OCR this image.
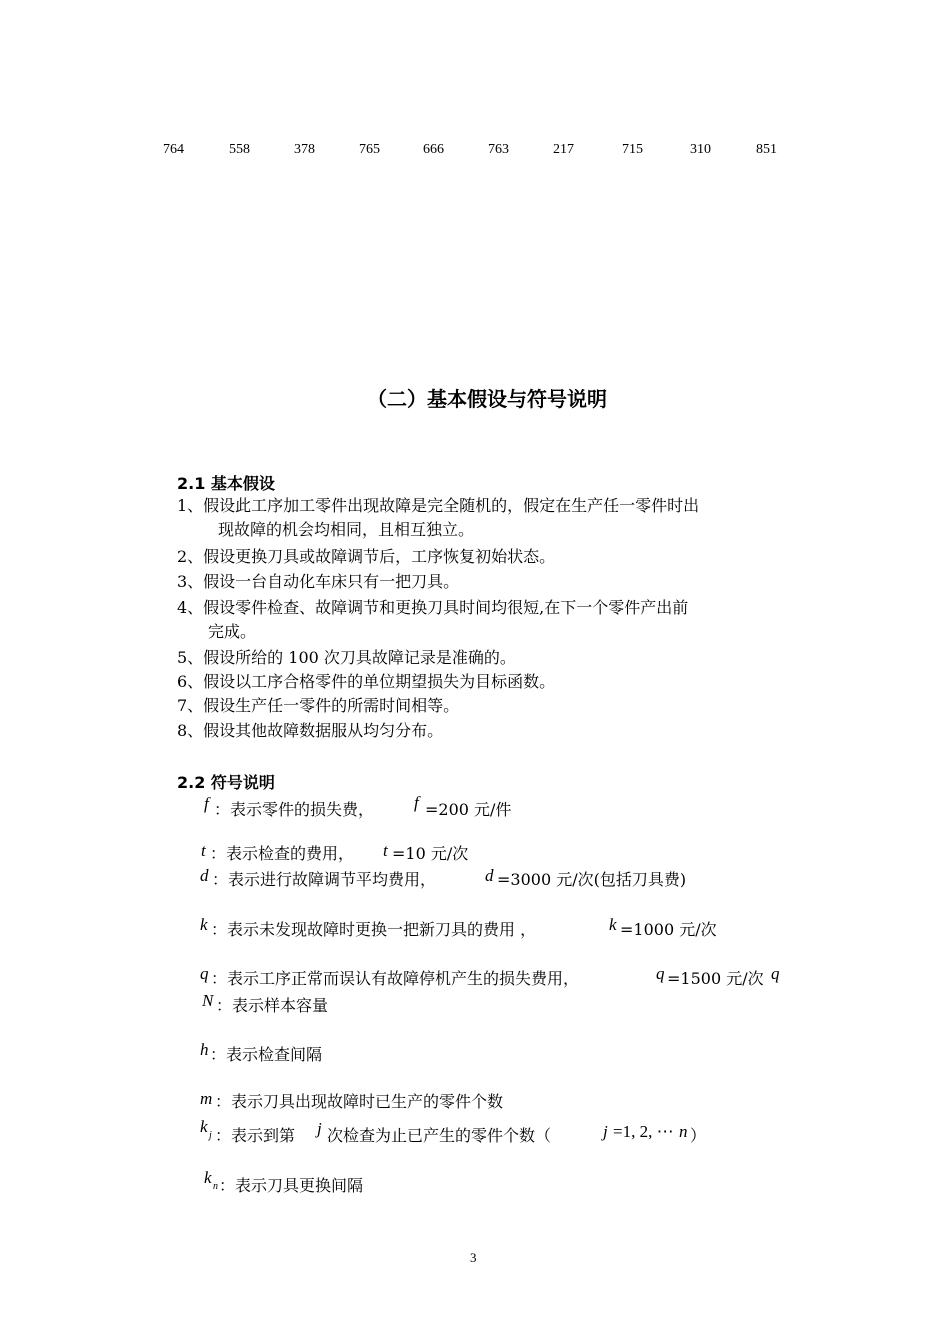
764	558	378	765	666	763	217	715	310	851
（二）基本假设与符号说明
2.1 基本假设
1、假设此工序加工零件出现故障是完全随机的，假定在生产任一零件时出
现故障的机会均相同，且相互独立。
2、假设更换刀具或故障调节后，工序恢复初始状态。
3、假设一台自动化车床只有一把刀具。
4、假设零件检查、故障调节和更换刀具时间均很短,在下一个零件产出前
完成。
5、假设所给的 100 次刀具故障记录是准确的。
6、假设以工序合格零件的单位期望损失为目标函数。
7、假设生产任一零件的所需时间相等。
8、假设其他故障数据服从均匀分布。
2.2 符号说明
f ：表示零件的损失费， f =200 元/件
t ：表示检查的费用， t =10 元/次
d ：表示进行故障调节平均费用，	d =3000 元/次(包括刀具费)
k ：表示未发现故障时更换一把新刀具的费用 ，	k =1000 元/次
q ：表示工序正常而误认有故障停机产生的损失费用，	q =1500 元/次 q
N ：表示样本容量
h ：表示检查间隔
m ：表示刀具出现故障时已生产的零件个数
k j ：表示到第 j 次检查为止已产生的零件个数（	j =1, 2, ⋯ n ）
k n ：表示刀具更换间隔
3
